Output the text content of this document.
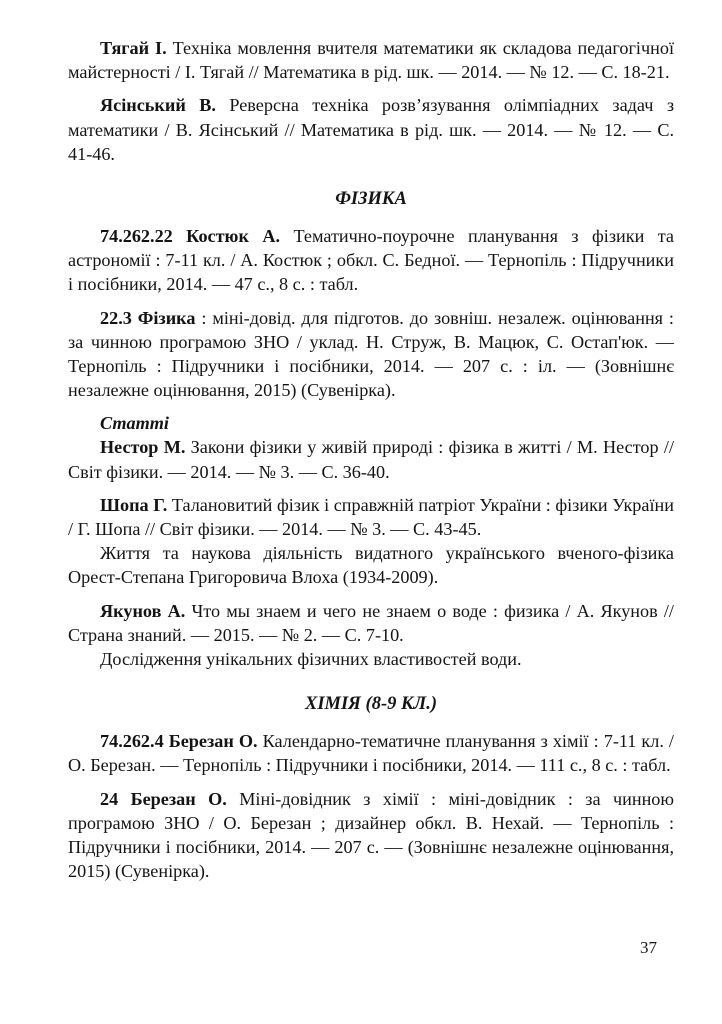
Тягай І. Техніка мовлення вчителя математики як складова педагогічної майстерності / І. Тягай // Математика в рід. шк. — 2014. — № 12. — С. 18-21.

Ясінський В. Реверсна техніка розв’язування олімпіадних задач з математики / В. Ясінський // Математика в рід. шк. — 2014. — № 12. — С. 41-46.

ФІЗИКА

74.262.22 Костюк А. Тематично-поурочне планування з фізики та астрономії : 7-11 кл. / А. Костюк ; обкл. С. Бедної. — Тернопіль : Підручники і посібники, 2014. — 47 с., 8 с. : табл.

22.3 Фізика : міні-довід. для підготов. до зовніш. незалеж. оцінювання : за чинною програмою ЗНО / уклад. Н. Струж, В. Мацюк, С. Остап'юк. — Тернопіль : Підручники і посібники, 2014. — 207 с. : іл. — (Зовнішнє незалежне оцінювання, 2015) (Сувенірка).

Статті

Нестор М. Закони фізики у живій природі : фізика в житті / М. Нестор // Світ фізики. — 2014. — № 3. — С. 36-40.

Шопа Г. Талановитий фізик і справжній патріот України : фізики України / Г. Шопа // Світ фізики. — 2014. — № 3. — С. 43-45.

Життя та наукова діяльність видатного українського вченого-фізика Орест-Степана Григоровича Влоха (1934-2009).

Якунов А. Что мы знаем и чего не знаем о воде : физика / А. Якунов // Страна знаний. — 2015. — № 2. — С. 7-10.

Дослідження унікальних фізичних властивостей води.

ХІМІЯ (8-9 КЛ.)

74.262.4 Березан О. Календарно-тематичне планування з хімії : 7-11 кл. / О. Березан. — Тернопіль : Підручники і посібники, 2014. — 111 с., 8 с. : табл.

24 Березан О. Міні-довідник з хімії : міні-довідник : за чинною програмою ЗНО / О. Березан ; дизайнер обкл. В. Нехай. — Тернопіль : Підручники і посібники, 2014. — 207 с. — (Зовнішнє незалежне оцінювання, 2015) (Сувенірка).

37
